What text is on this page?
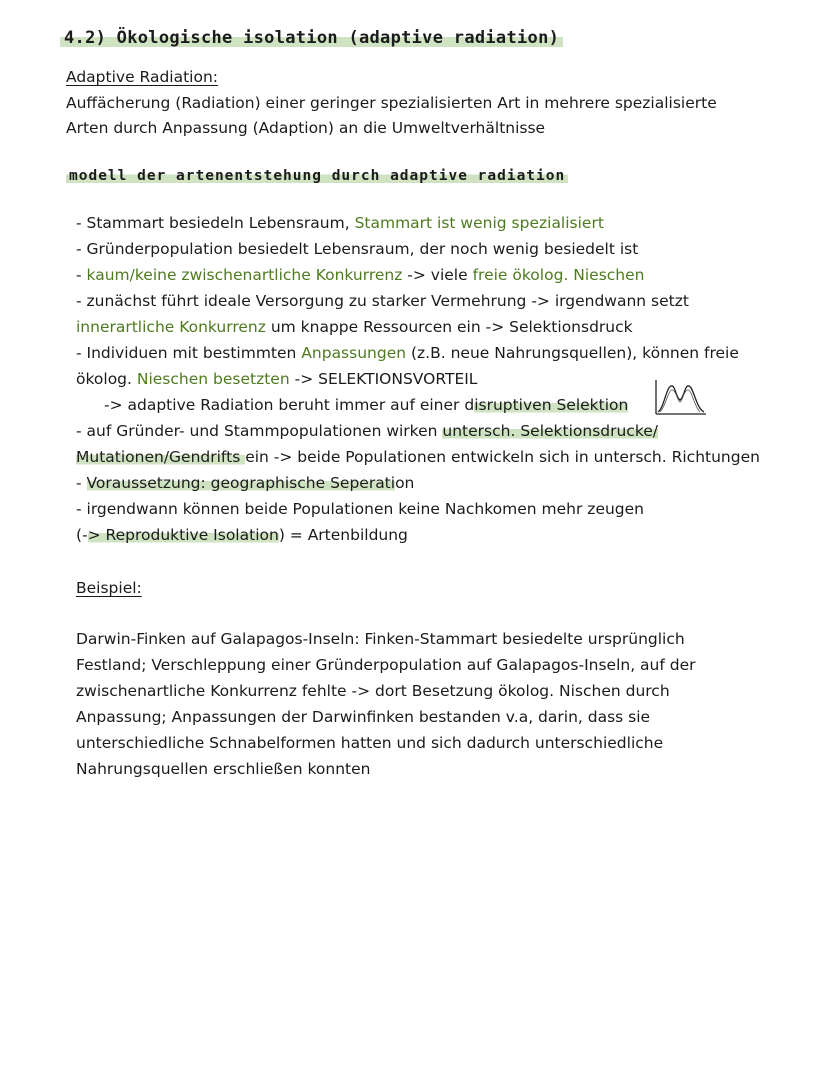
4.2) Ökologische isolation (adaptive radiation)
Adaptive Radiation:
Auffächerung (Radiation) einer geringer spezialisierten Art in mehrere spezialisierte
Arten durch Anpassung (Adaption) an die Umweltverhältnisse
modell der artenentstehung durch adaptive radiation
- Stammart besiedeln Lebensraum, Stammart ist wenig spezialisiert
- Gründerpopulation besiedelt Lebensraum, der noch wenig besiedelt ist
- kaum/keine zwischenartliche Konkurrenz -> viele freie ökolog. Nieschen
- zunächst führt ideale Versorgung zu starker Vermehrung -> irgendwann setzt
innerartliche Konkurrenz um knappe Ressourcen ein -> Selektionsdruck
- Individuen mit bestimmten Anpassungen (z.B. neue Nahrungsquellen), können freie
ökolog. Nieschen besetzten -> SELEKTIONSVORTEIL
-> adaptive Radiation beruht immer auf einer disruptiven Selektion
- auf Gründer- und Stammpopulationen wirken untersch. Selektionsdrucke/
Mutationen/Gendrifts ein -> beide Populationen entwickeln sich in untersch. Richtungen
- Voraussetzung: geographische Seperation
- irgendwann können beide Populationen keine Nachkomen mehr zeugen
(-> Reproduktive Isolation) = Artenbildung
Beispiel:
Darwin-Finken auf Galapagos-Inseln: Finken-Stammart besiedelte ursprünglich
Festland; Verschleppung einer Gründerpopulation auf Galapagos-Inseln, auf der
zwischenartliche Konkurrenz fehlte -> dort Besetzung ökolog. Nischen durch
Anpassung; Anpassungen der Darwinfinken bestanden v.a, darin, dass sie
unterschiedliche Schnabelformen hatten und sich dadurch unterschiedliche
Nahrungsquellen erschließen konnten
